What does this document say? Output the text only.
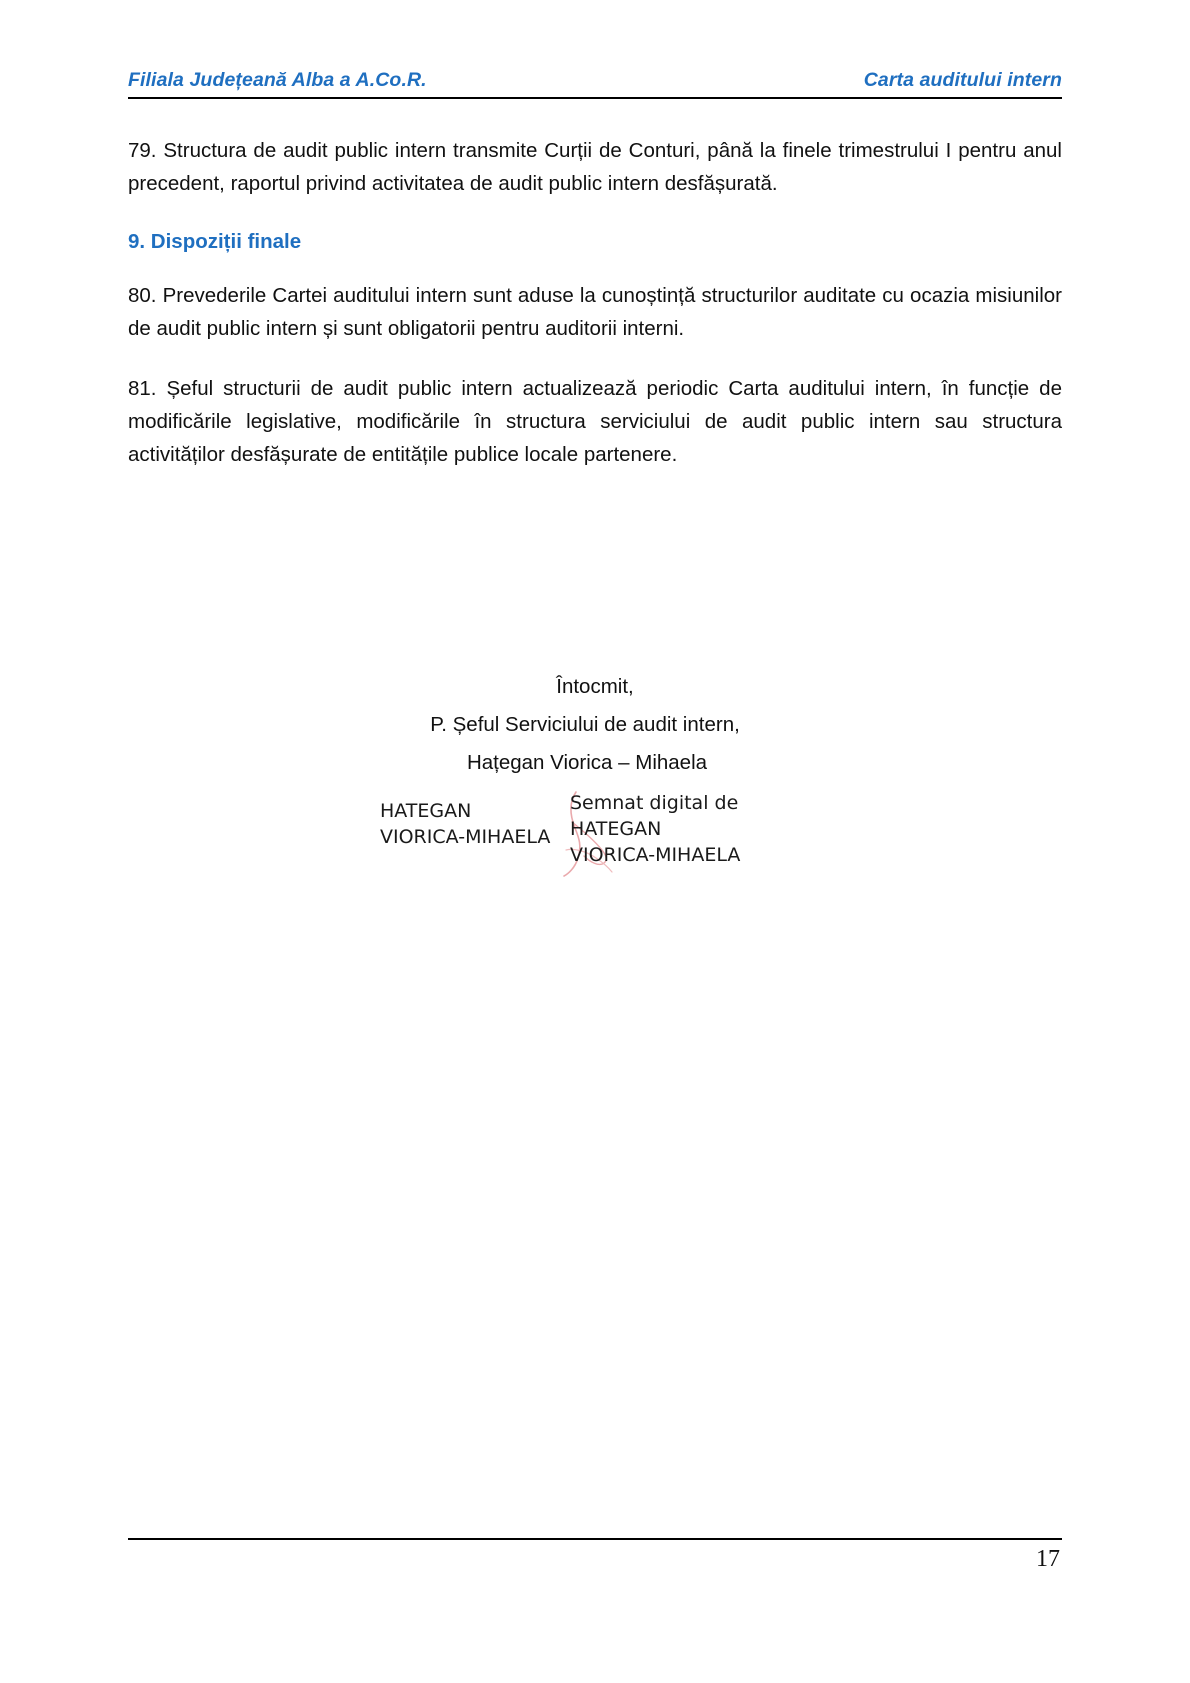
Filiala Județeană Alba a A.Co.R.	Carta auditului intern

79. Structura de audit public intern transmite Curții de Conturi, până la finele trimestrului I pentru anul precedent, raportul privind activitatea de audit public intern desfășurată.

9. Dispoziții finale

80. Prevederile Cartei auditului intern sunt aduse la cunoștință structurilor auditate cu ocazia misiunilor de audit public intern și sunt obligatorii pentru auditorii interni.

81. Șeful structurii de audit public intern actualizează periodic Carta auditului intern, în funcție de modificările legislative, modificările în structura serviciului de audit public intern sau structura activităților desfășurate de entitățile publice locale partenere.

Întocmit,
P. Șeful Serviciului de audit intern,
Hațegan Viorica – Mihaela
HATEGAN
VIORICA-MIHAELA
Semnat digital de
HATEGAN
VIORICA-MIHAELA
17
